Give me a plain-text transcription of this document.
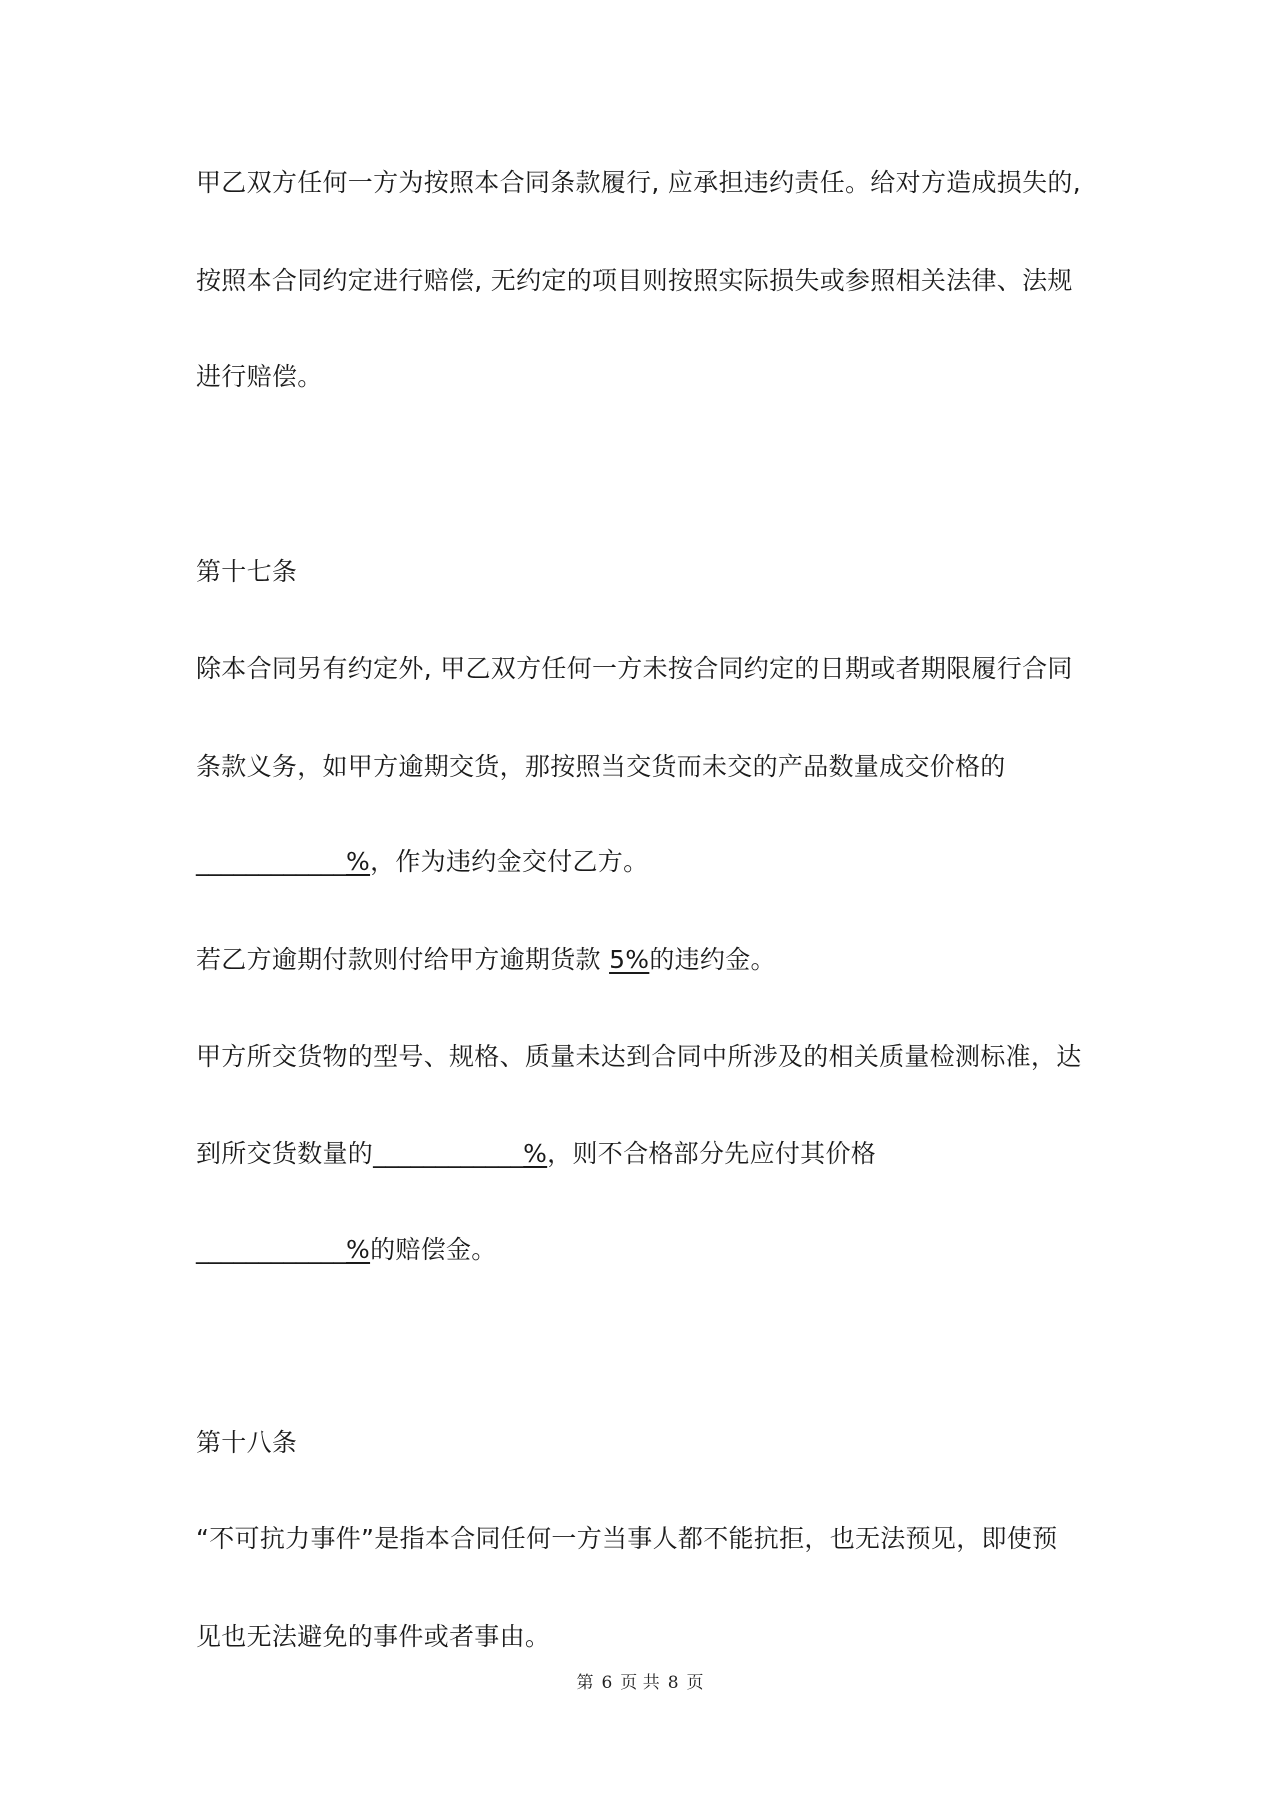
甲乙双方任何一方为按照本合同条款履行, 应承担违约责任。给对方造成损失的,
按照本合同约定进行赔偿, 无约定的项目则按照实际损失或参照相关法律、法规
进行赔偿。
第十七条
除本合同另有约定外, 甲乙双方任何一方未按合同约定的日期或者期限履行合同
条款义务，如甲方逾期交货，那按照当交货而未交的产品数量成交价格的
____________%，作为违约金交付乙方。
若乙方逾期付款则付给甲方逾期货款 5%的违约金。
甲方所交货物的型号、规格、质量未达到合同中所涉及的相关质量检测标准，达
到所交货数量的____________%，则不合格部分先应付其价格
____________%的赔偿金。
第十八条
“不可抗力事件”是指本合同任何一方当事人都不能抗拒，也无法预见，即使预
见也无法避免的事件或者事由。
第 6 页 共 8 页
